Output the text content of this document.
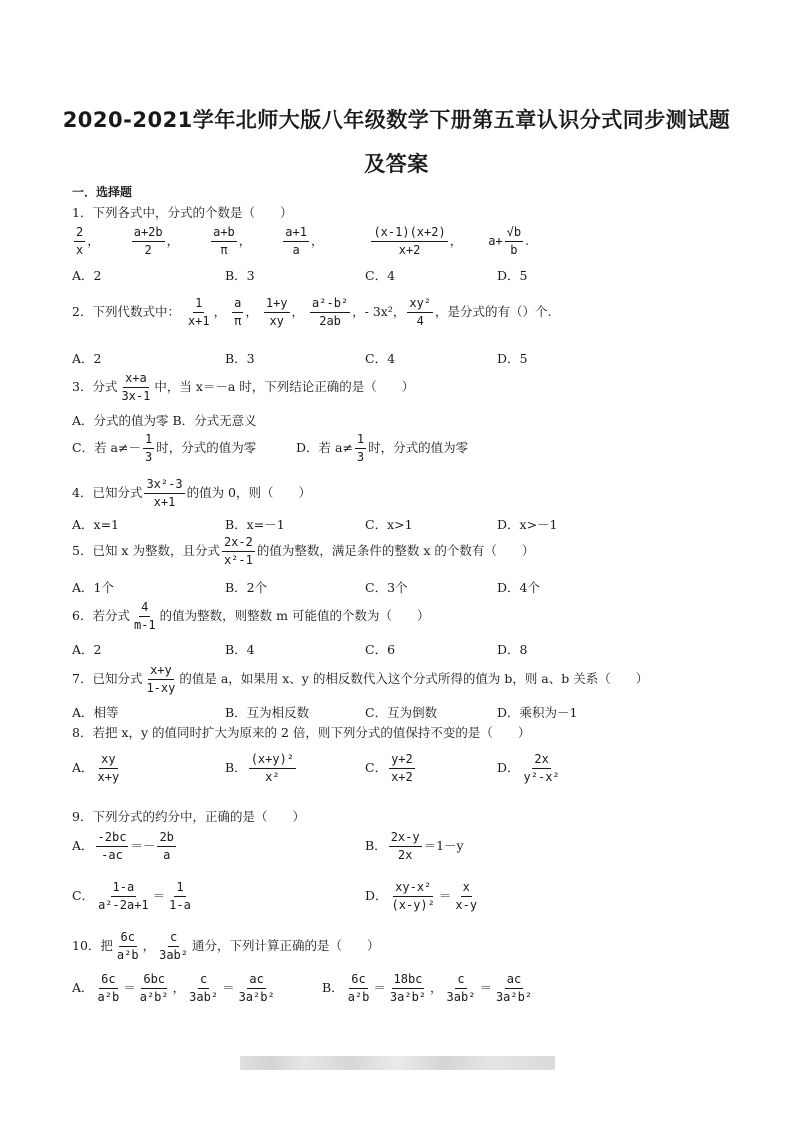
2020-2021学年北师大版八年级数学下册第五章认识分式同步测试题
及答案
一．选择题
1．下列各式中，分式的个数是（　　）
$\frac{2}{x}$ ，	$\frac{a+2b}{2}$ ，	$\frac{a+b}{\pi}$ ，	$\frac{a+1}{a}$ ，	$\frac{(x-1)(x+2)}{x+2}$ ， $a+ \frac{√b}{b}$ .
A．2	B．3	C．4	D．5
2．下列代数式中： $\frac{1}{x+1}$ ， $\frac{a}{\pi}$ ， $\frac{1+y}{xy}$ ， $\frac{\text{a²-b²}}{2ab}$ ，- 3x²， $\frac{\text{xy²}}{4}$ ，是分式的有（）个.
A．2	B．3	C．4	D．5
3．分式 $\frac{x+a}{3x-1}$ 中，当 x＝－a 时，下列结论正确的是（　　）
A．分式的值为零 B．分式无意义
C．若 $a\ne- \frac{1}{3}$ 时，分式的值为零	D．若 $a\ne \frac{1}{3}$ 时，分式的值为零
4．已知分式 $\frac{\text{3x²-3}}{x+1}$ 的值为 0，则（　　）
A．x=1	B．x=－1	C．x>1	D．x>－1
5．已知 x 为整数，且分式 $\frac{2x-2}{\text{x²-1}}$ 的值为整数，满足条件的整数 x 的个数有（　　）
A．1个	B．2个	C．3个	D．4个
6．若分式 $\frac{4}{m-1}$ 的值为整数，则整数 m 可能值的个数为（　　）
A．2	B．4	C．6	D．8
7．已知分式 $\frac{x+y}{1-xy}$ 的值是 a，如果用 x、y 的相反数代入这个分式所得的值为 b，则 a、b 关系（　　）
A．相等	B．互为相反数	C．互为倒数	D．乘积为－1
8．若把 x，y 的值同时扩大为原来的 2 倍，则下列分式的值保持不变的是（　　）
A． $\frac{xy}{x+y}$	B． $\frac{\text{(x+y)²}}{\text{x²}}$	C． $\frac{y+2}{x+2}$	D． $\frac{2x}{\text{y²-x²}}$
9．下列分式的约分中，正确的是（　　）
A． $\frac{-2bc}{-ac} =- \frac{2b}{a}$	B． $\frac{2x-y}{2x} =1-y$
C． $\frac{1-a}{\text{a²-2a+1}} = \frac{1}{1-a}$	D． $\frac{\text{xy-x²}}{\text{(x-y)²}} = \frac{x}{x-y}$
10．把 $\frac{6c}{\text{a²b}}$ ， $\frac{c}{\text{3ab²}}$ 通分，下列计算正确的是（　　）
A． $\frac{6c}{\text{a²b}} = \frac{6bc}{\text{a²b²}}$ ， $\frac{c}{\text{3ab²}} = \frac{ac}{\text{3a²b²}}$	B． $\frac{6c}{\text{a²b}} = \frac{18bc}{\text{3a²b²}}$ ， $\frac{c}{\text{3ab²}} = \frac{ac}{\text{3a²b²}}$
